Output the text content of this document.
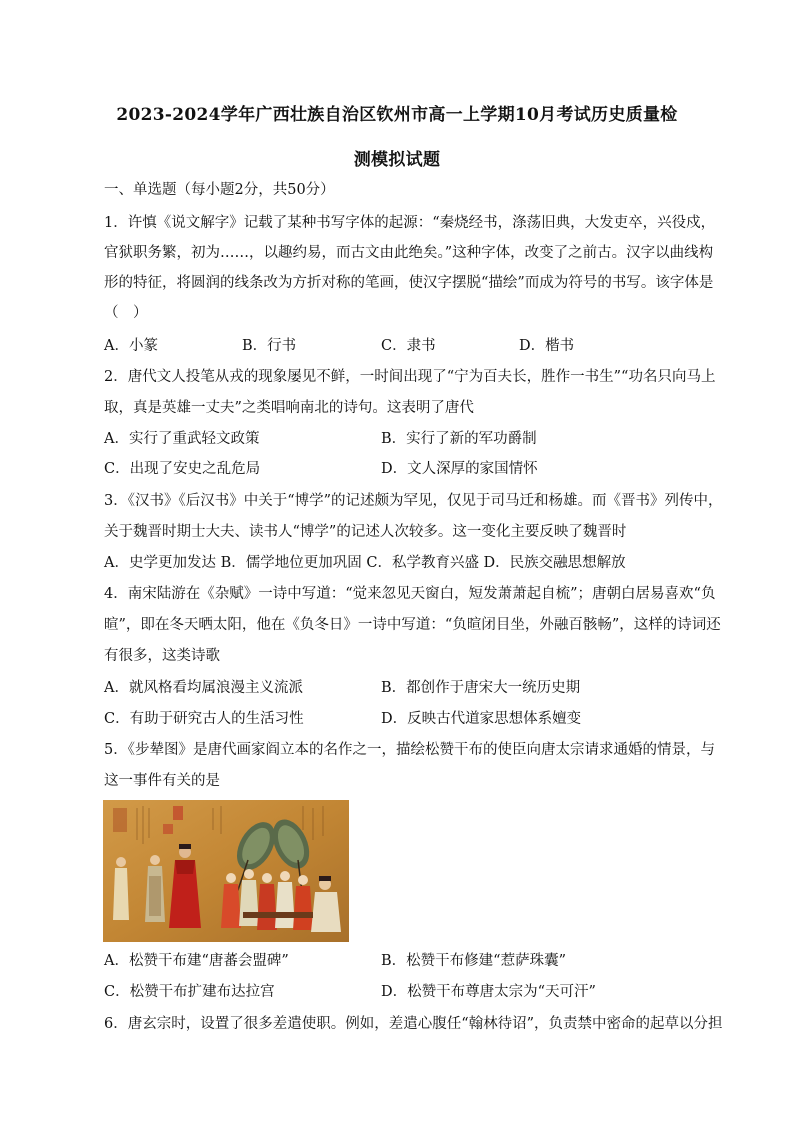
2023-2024学年广西壮族自治区钦州市高一上学期10月考试历史质量检
测模拟试题
一、单选题（每小题2分，共50分）
1．许慎《说文解字》记载了某种书写字体的起源：“秦烧经书，涤荡旧典，大发吏卒，兴役戍，
官狱职务繁，初为……，以趣约易，而古文由此绝矣。”这种字体，改变了之前古。汉字以曲线构
形的特征，将圆润的线条改为方折对称的笔画，使汉字摆脱“描绘”而成为符号的书写。该字体是
（　）
A．小篆	B．行书	C．隶书	D．楷书
2．唐代文人投笔从戎的现象屡见不鲜，一时间出现了“宁为百夫长，胜作一书生”“功名只向马上
取，真是英雄一丈夫”之类唱响南北的诗句。这表明了唐代
A．实行了重武轻文政策	B．实行了新的军功爵制
C．出现了安史之乱危局	D．文人深厚的家国情怀
3．《汉书》《后汉书》中关于“博学”的记述颇为罕见，仅见于司马迁和杨雄。而《晋书》列传中，
关于魏晋时期士大夫、读书人“博学”的记述人次较多。这一变化主要反映了魏晋时
A．史学更加发达 B．儒学地位更加巩固 C．私学教育兴盛 D．民族交融思想解放
4．南宋陆游在《杂赋》一诗中写道：“觉来忽见天窗白，短发萧萧起自梳”；唐朝白居易喜欢“负
暄”，即在冬天晒太阳，他在《负冬日》一诗中写道：“负暄闭目坐，外融百骸畅”，这样的诗词还
有很多，这类诗歌
A．就风格看均属浪漫主义流派	B．都创作于唐宋大一统历史期
C．有助于研究古人的生活习性	D．反映古代道家思想体系嬗变
5．《步辇图》是唐代画家阎立本的名作之一，描绘松赞干布的使臣向唐太宗请求通婚的情景，与
这一事件有关的是
A．松赞干布建“唐蕃会盟碑”	B．松赞干布修建“惹萨珠囊”
C．松赞干布扩建布达拉宫	D．松赞干布尊唐太宗为“天可汗”
6．唐玄宗时，设置了很多差遣使职。例如，差遣心腹任“翰林待诏”，负责禁中密命的起草以分担
